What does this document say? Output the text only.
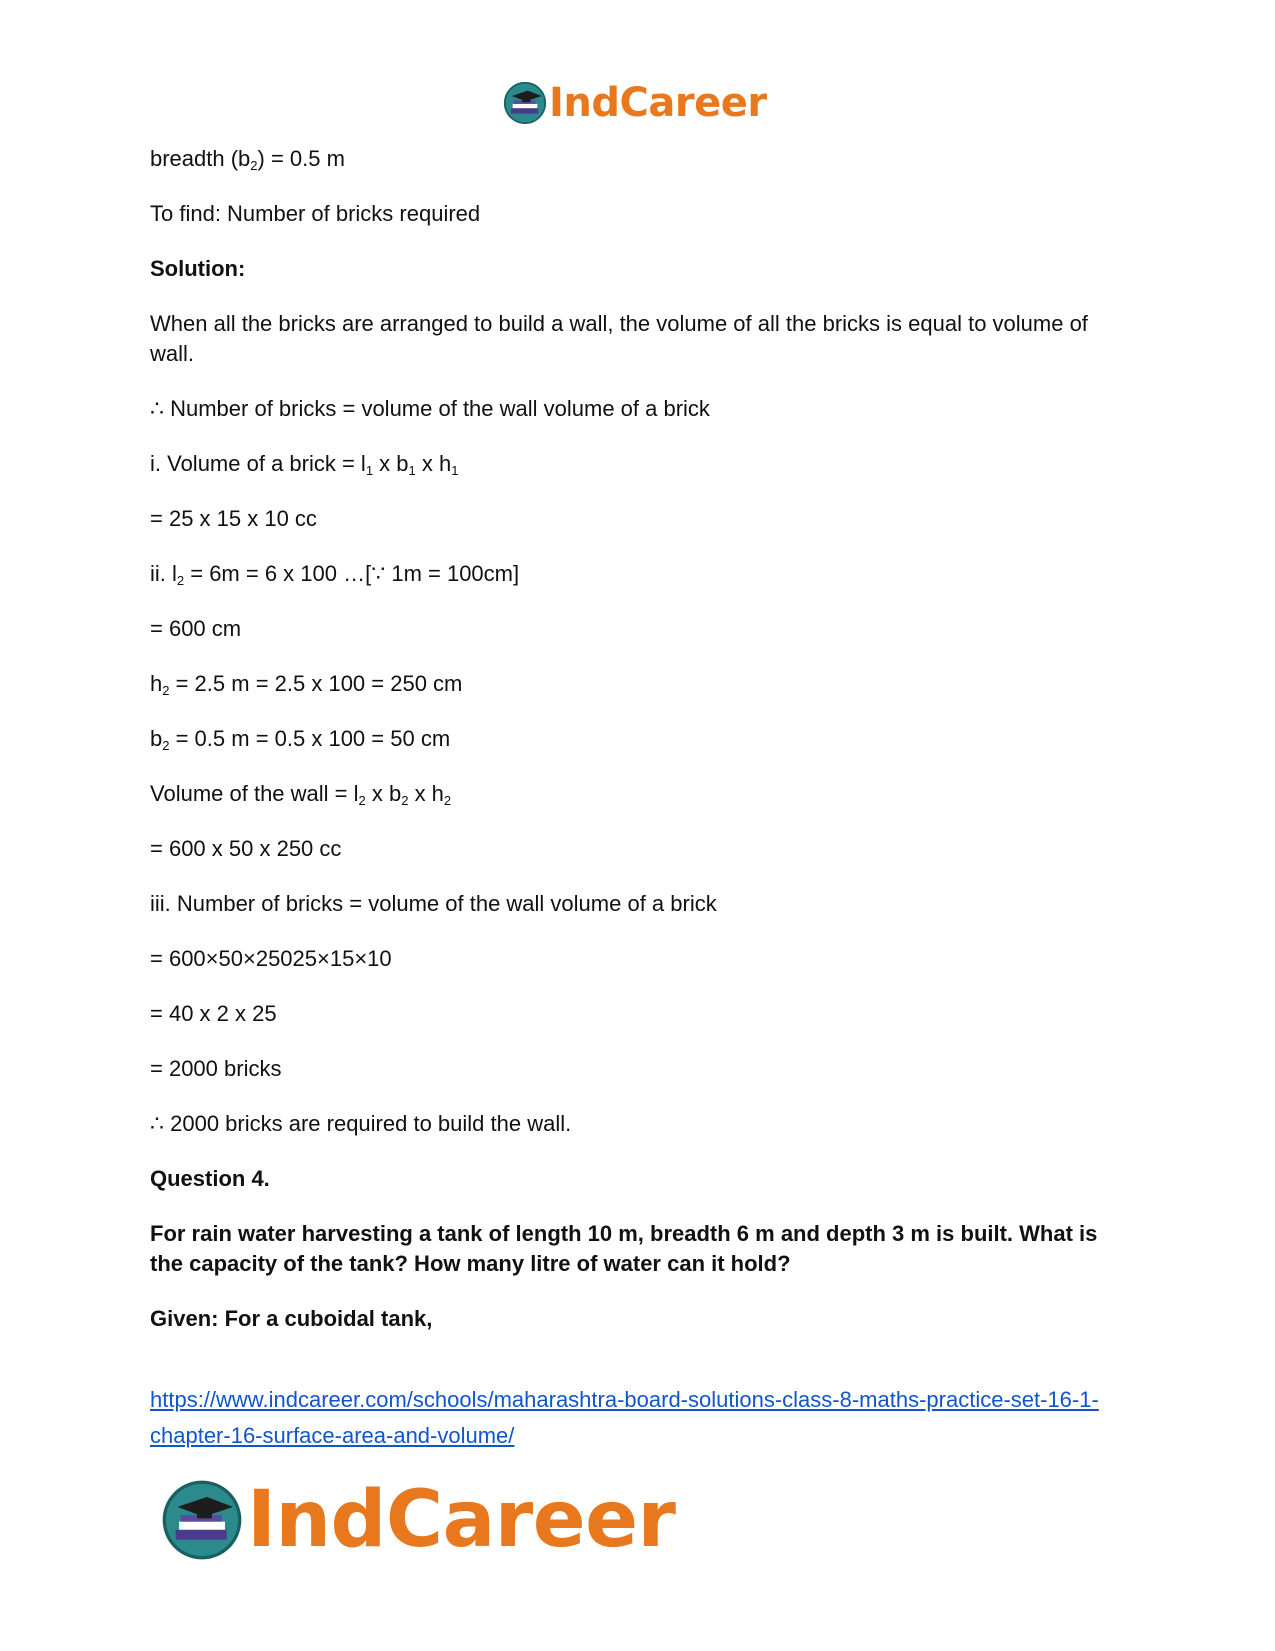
IndCareer

breadth $(b_2) = 0.5$ m

To find: Number of bricks required

Solution:

When all the bricks are arranged to build a wall, the volume of all the bricks is equal to volume of wall.

∴ Number of bricks = volume of the wall volume of a brick

i. Volume of a brick = $l_1$ x $b_1$ x $h_1$

= 25 x 15 x 10 cc

ii. $l_2 = 6m = 6$ x 100 …[∵ 1m = 100cm]

= 600 cm

$h_2 = 2.5$ m = 2.5 x 100 = 250 cm

$b_2 = 0.5$ m = 0.5 x 100 = 50 cm

Volume of the wall = $l_2$ x $b_2$ x $h_2$

= 600 x 50 x 250 cc

iii. Number of bricks = volume of the wall volume of a brick

= 600×50×25025×15×10

= 40 x 2 x 25

= 2000 bricks

∴ 2000 bricks are required to build the wall.

Question 4.

For rain water harvesting a tank of length 10 m, breadth 6 m and depth 3 m is built. What is the capacity of the tank? How many litre of water can it hold?

Given: For a cuboidal tank,

https://www.indcareer.com/schools/maharashtra-board-solutions-class-8-maths-practice-set-16-1-chapter-16-surface-area-and-volume/
IndCareer
